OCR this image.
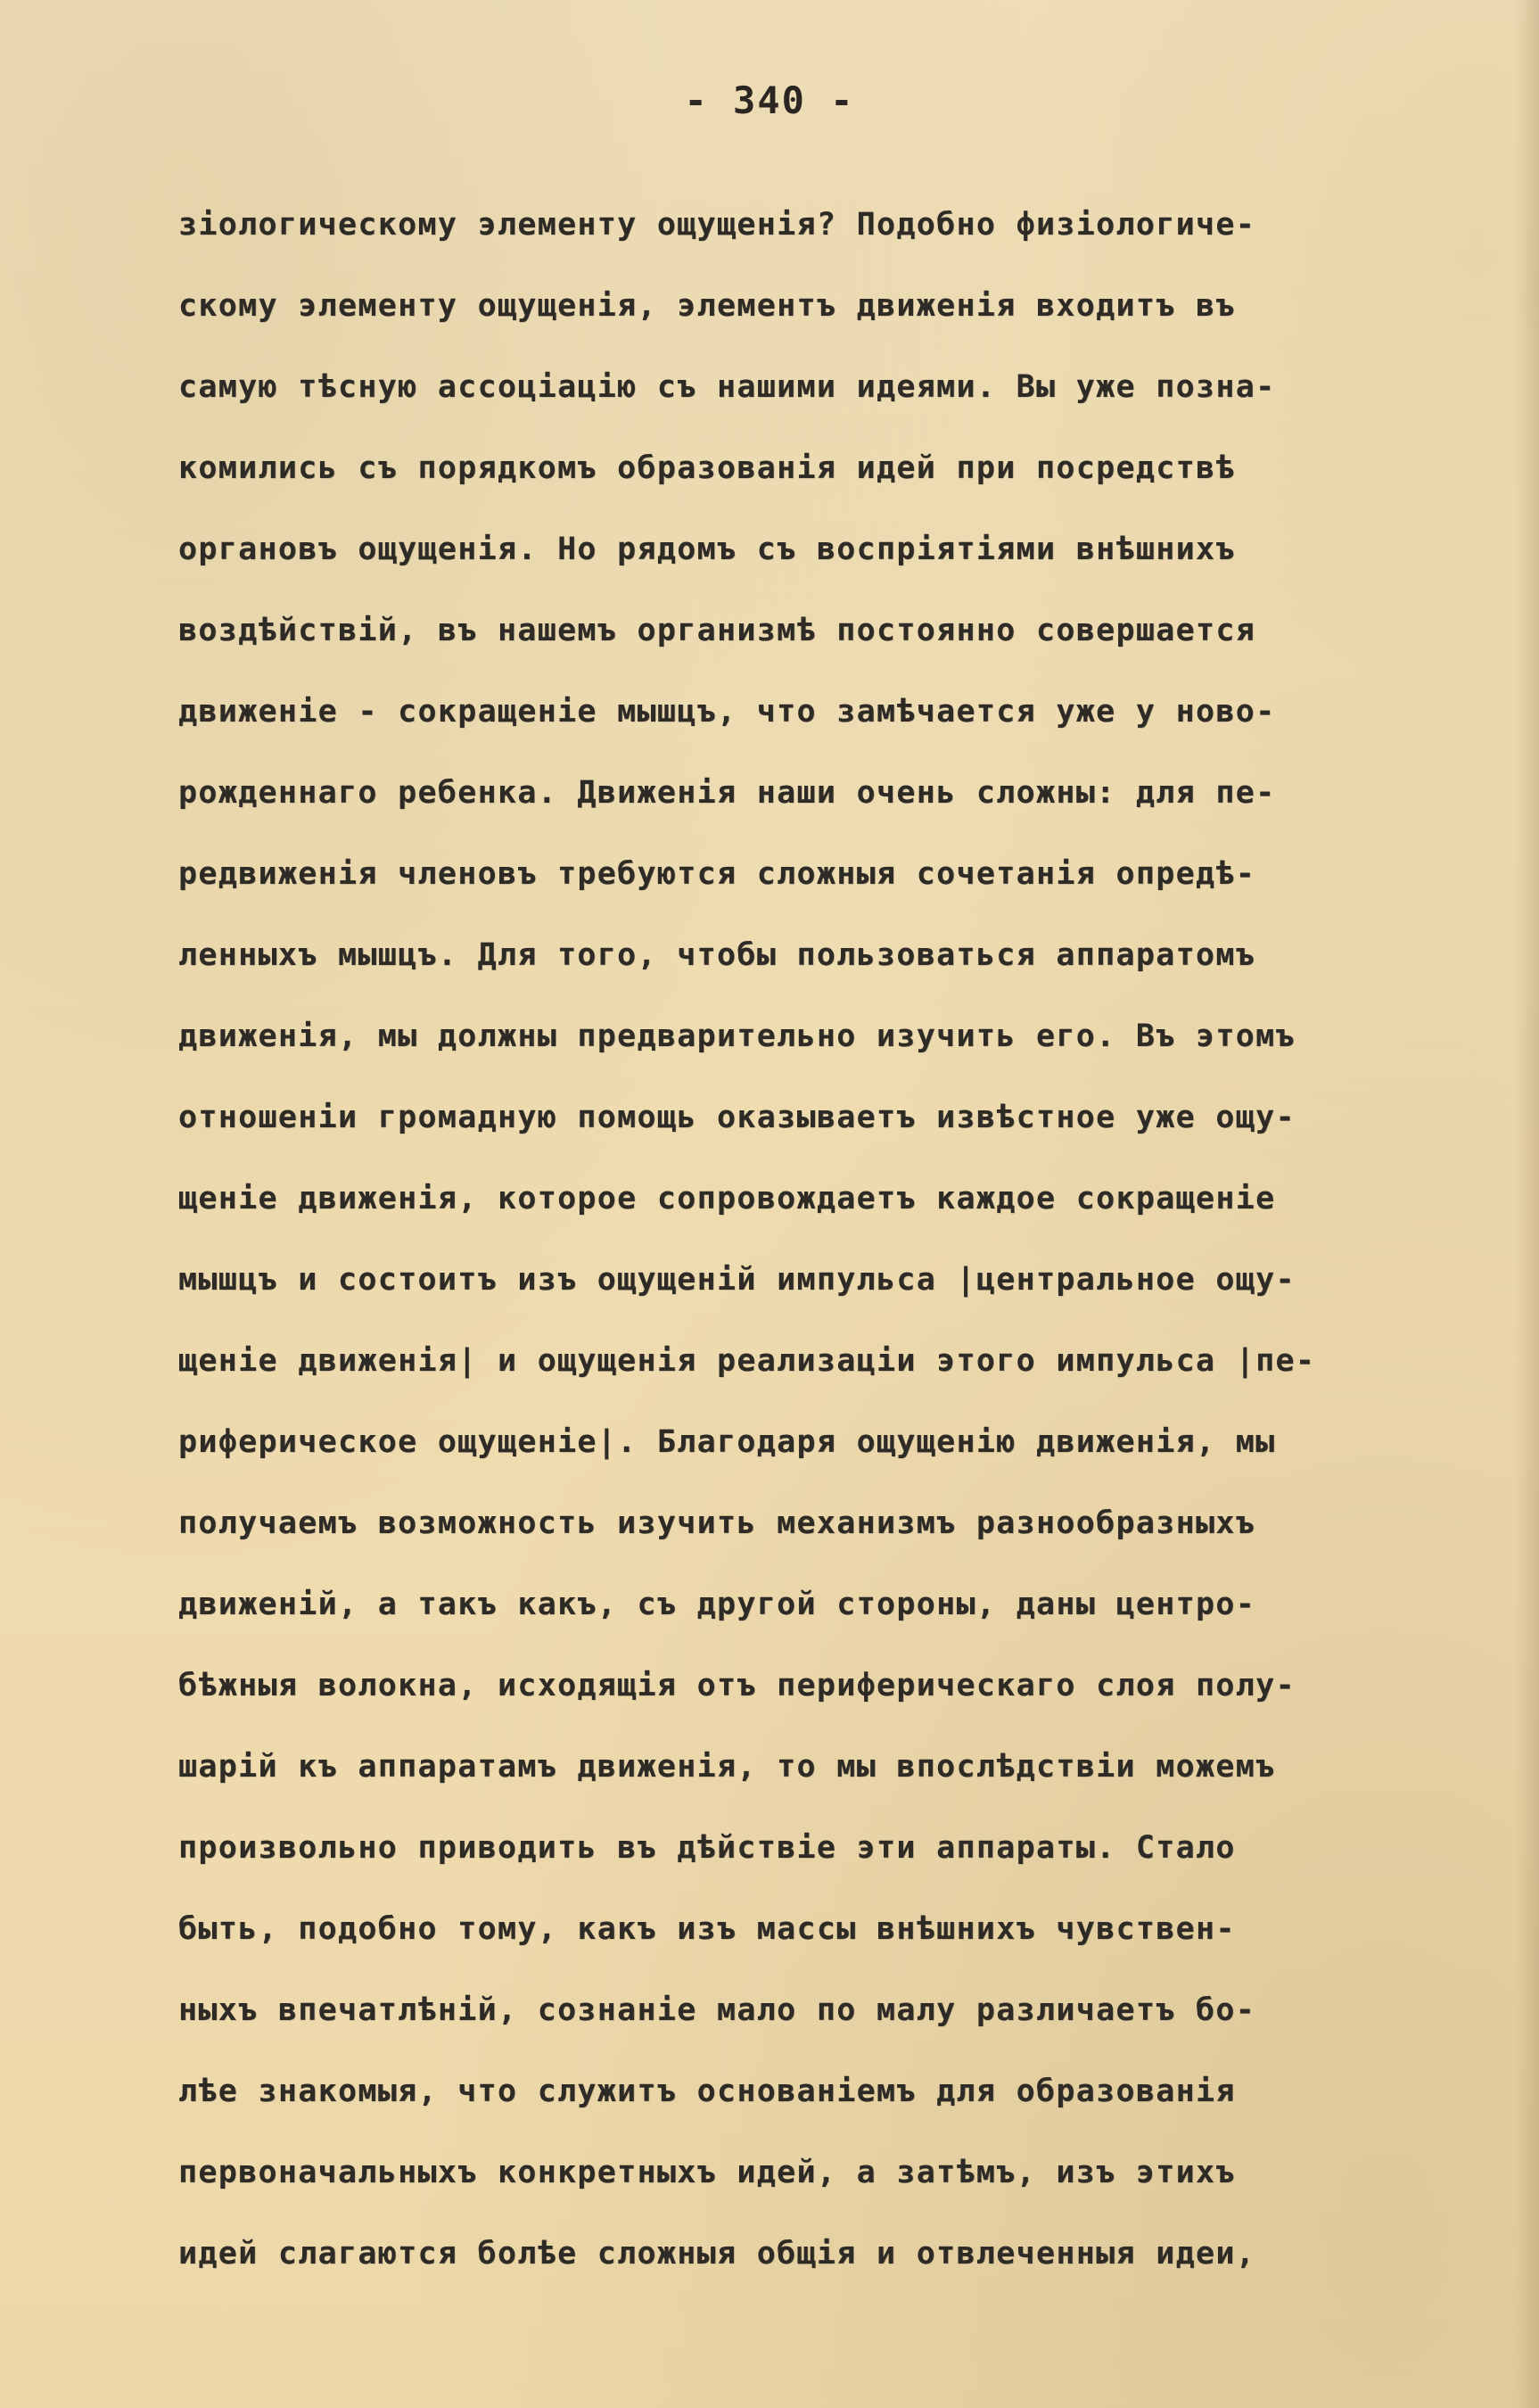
- 340 -
зіологическому элементу ощущенія? Подобно физіологиче-
скому элементу ощущенія, элементъ движенія входитъ въ
самую тѣсную ассоціацію съ нашими идеями. Вы уже позна-
комились съ порядкомъ образованія идей при посредствѣ
органовъ ощущенія. Но рядомъ съ воспріятіями внѣшнихъ
воздѣйствій, въ нашемъ организмѣ постоянно совершается
движеніе - сокращеніе мышцъ, что замѣчается уже у ново-
рожденнаго ребенка. Движенія наши очень сложны: для пе-
редвиженія членовъ требуются сложныя сочетанія опредѣ-
ленныхъ мышцъ. Для того, чтобы пользоваться аппаратомъ
движенія, мы должны предварительно изучить его. Въ этомъ
отношеніи громадную помощь оказываетъ извѣстное уже ощу-
щеніе движенія, которое сопровождаетъ каждое сокращеніе
мышцъ и состоитъ изъ ощущеній импульса |центральное ощу-
щеніе движенія| и ощущенія реализаціи этого импульса |пе-
риферическое ощущеніе|. Благодаря ощущенію движенія, мы
получаемъ возможность изучить механизмъ разнообразныхъ
движеній, а такъ какъ, съ другой стороны, даны центро-
бѣжныя волокна, исходящія отъ периферическаго слоя полу-
шарій къ аппаратамъ движенія, то мы впослѣдствіи можемъ
произвольно приводить въ дѣйствіе эти аппараты. Стало
быть, подобно тому, какъ изъ массы внѣшнихъ чувствен-
ныхъ впечатлѣній, сознаніе мало по малу различаетъ бо-
лѣе знакомыя, что служитъ основаніемъ для образованія
первоначальныхъ конкретныхъ идей, а затѣмъ, изъ этихъ
идей слагаются болѣе сложныя общія и отвлеченныя идеи,
